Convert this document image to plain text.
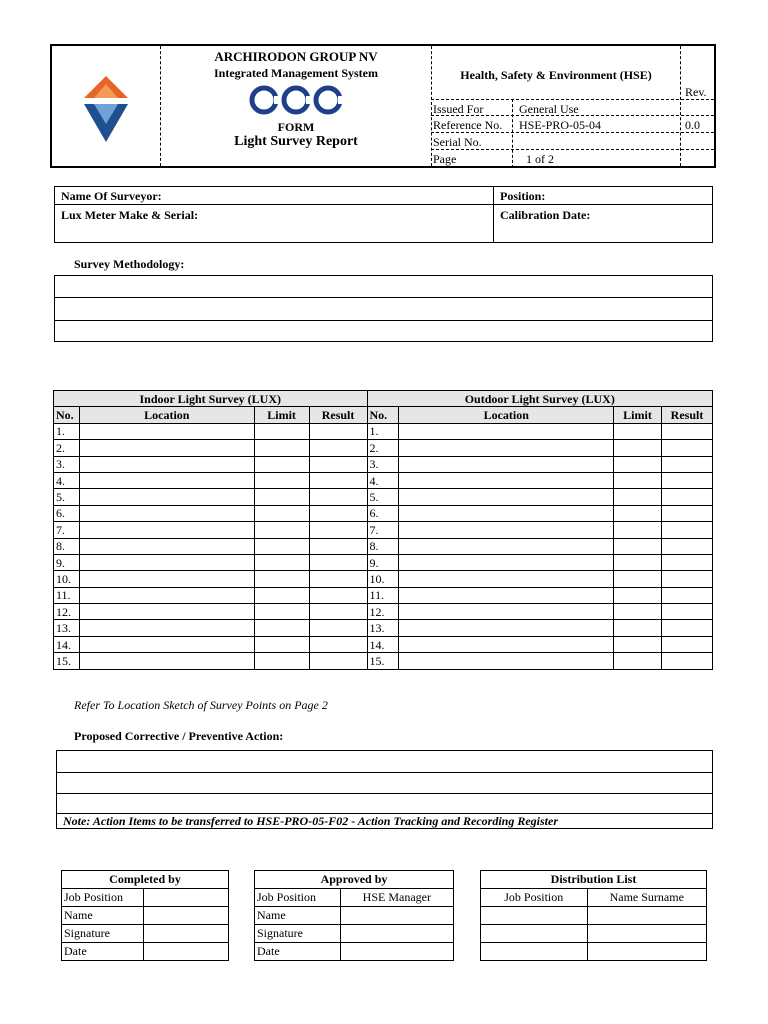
ARCHIRODON GROUP NV
Integrated Management System
FORM
Light Survey Report
Health, Safety & Environment (HSE)
Rev.
Issued For	General Use
Reference No. HSE-PRO-05-04	0.0
Serial No.
Page	1 of 2
Name Of Surveyor:	Position:
Lux Meter Make & Serial:	Calibration Date:
Survey Methodology:
Indoor Light Survey (LUX)				Outdoor Light Survey (LUX)			
No.	Location	Limit	Result	No.	Location	Limit	Result
1.				1.			
2.				2.			
3.				3.			
4.				4.			
5.				5.			
6.				6.			
7.				7.			
8.				8.			
9.				9.			
10.				10.			
11.				11.			
12.				12.			
13.				13.			
14.				14.			
15.				15.			
Refer To Location Sketch of Survey Points on Page 2
Proposed Corrective / Preventive Action:
Note: Action Items to be transferred to HSE-PRO-05-F02 - Action Tracking and Recording Register
Completed by	
Job Position	
Name	
Signature	
Date	
Approved by	
Job Position	HSE Manager
Name	
Signature	
Date	
Distribution List	
Job Position	Name Surname
